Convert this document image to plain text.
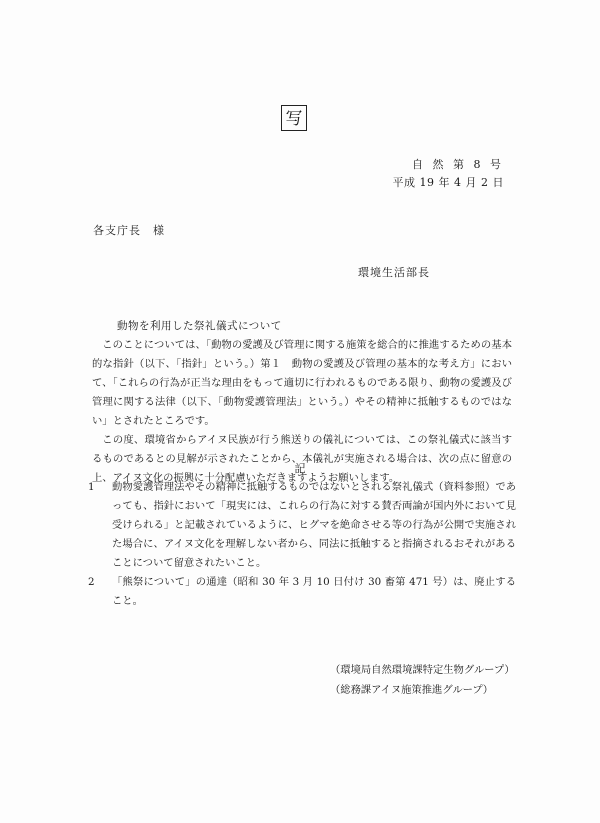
写
自 然 第 8 号
平成 19 年 4 月 2 日
各支庁長　様
環境生活部長
動物を利用した祭礼儀式について

このことについては、「動物の愛護及び管理に関する施策を総合的に推進するための基本的な指針（以下、「指針」という。）第１　動物の愛護及び管理の基本的な考え方」において、「これらの行為が正当な理由をもって適切に行われるものである限り、動物の愛護及び管理に関する法律（以下、「動物愛護管理法」という。）やその精神に抵触するものではない」とされたところです。

この度、環境省からアイヌ民族が行う熊送りの儀礼については、この祭礼儀式に該当するものであるとの見解が示されたことから、本儀礼が実施される場合は、次の点に留意の上、アイヌ文化の振興に十分配慮いただきますようお願いします。

記
1	動物愛護管理法やその精神に抵触するものではないとされる祭礼儀式（資料参照）であっても、指針において「現実には、これらの行為に対する賛否両論が国内外において見受けられる」と記載されているように、ヒグマを絶命させる等の行為が公開で実施された場合に、アイヌ文化を理解しない者から、同法に抵触すると指摘されるおそれがあることについて留意されたいこと。
2	「熊祭について」の通達（昭和 30 年 3 月 10 日付け 30 畜第 471 号）は、廃止すること。
（環境局自然環境課特定生物グループ）
（総務課アイヌ施策推進グループ）
